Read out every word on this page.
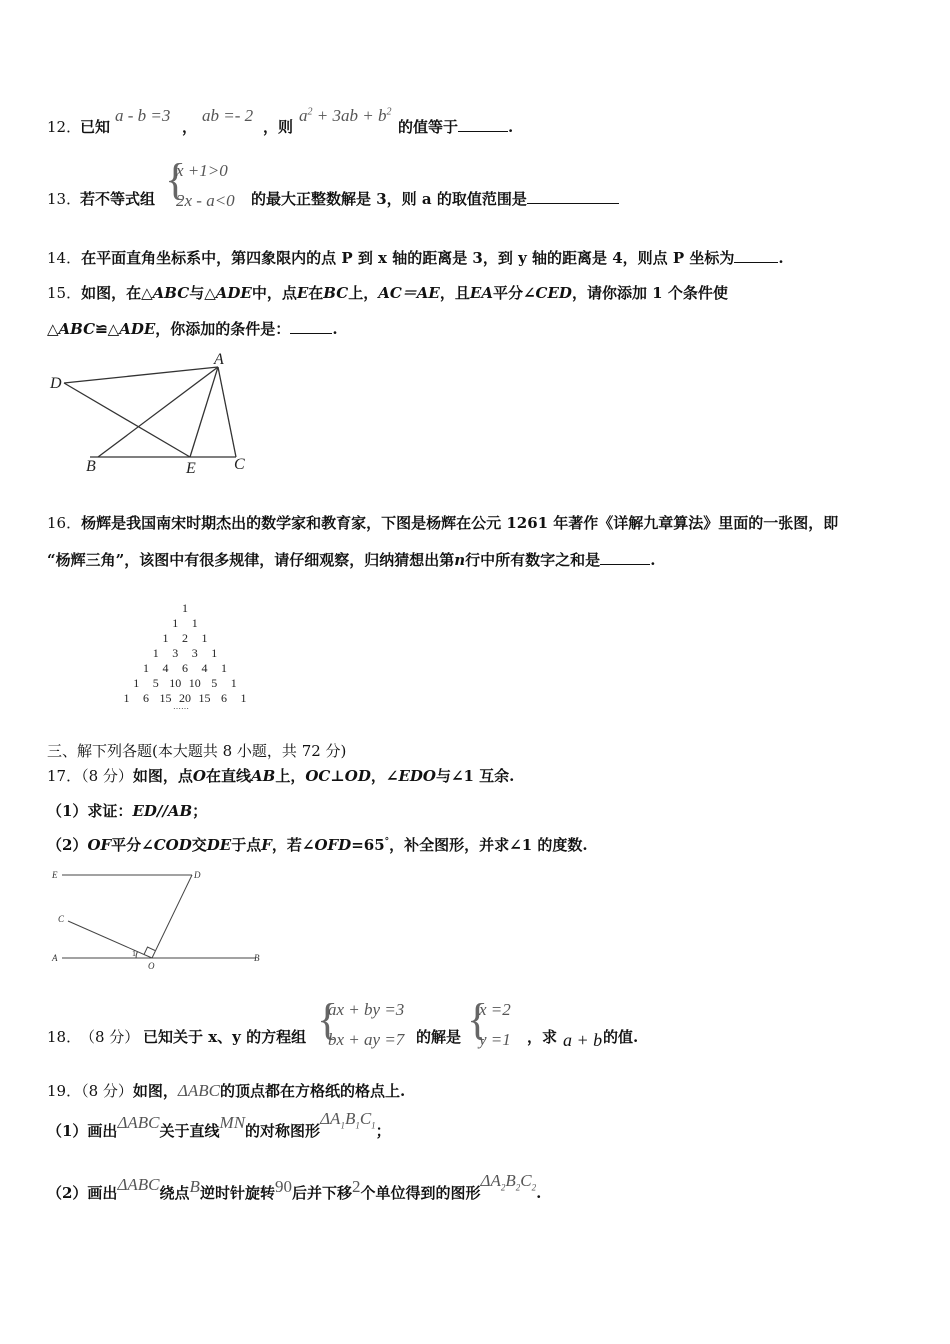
12．
已知
a - b =3
，
ab =- 2
，则
$a^2 + 3ab + b^2$
的值等于	.
13．
若不等式组 {
x +1>0
2x - a<0 的最大正整数解是 3，则 a 的取值范围是
14．在平面直角坐标系中，第四象限内的点 P 到 x 轴的距离是 3，到 y 轴的距离是 4，则点 P 坐标为	.
15．如图，在△ABC与△ADE中，点E在BC上，AC＝AE，且EA平分∠CED，请你添加 1 个条件使
△ABC≌△ADE，你添加的条件是：	.
D
A
B	E C
16．杨辉是我国南宋时期杰出的数学家和教育家，下图是杨辉在公元 1261 年著作《详解九章算法》里面的一张图，即
“杨辉三角”，该图中有很多规律，请仔细观察，归纳猜想出第n行中所有数字之和是	.
1
1 1
1 2 1
1 3 3 1
1 4 6 4 1
1 5 10 10 5 1
1 6 15 20 15 6 1
……
三、解下列各题(本大题共 8 小题，共 72 分)
17．（8 分）如图，点O在直线AB上，OC⊥OD，∠EDO与∠1 互余.
（1）求证：ED//AB；
（2）OF平分∠COD交DE于点F，若∠OFD=65°，补全图形，并求∠1 的度数.
E	D
C
A
O
B
1
18．
（8 分） 已知关于 x、y 的方程组 {
ax + by =3
bx + ay =7 的解是 {
x =2
y =1 ，求 a + b 的值.
19．（8 分）如图，ΔABC的顶点都在方格纸的格点上.
（1）画出ΔABC关于直线MN的对称图形$\Delta A_1B_1C_1$；
（2）画出ΔABC绕点B逆时针旋转90后并下移2个单位得到的图形$\Delta A_2B_2C_2$.
